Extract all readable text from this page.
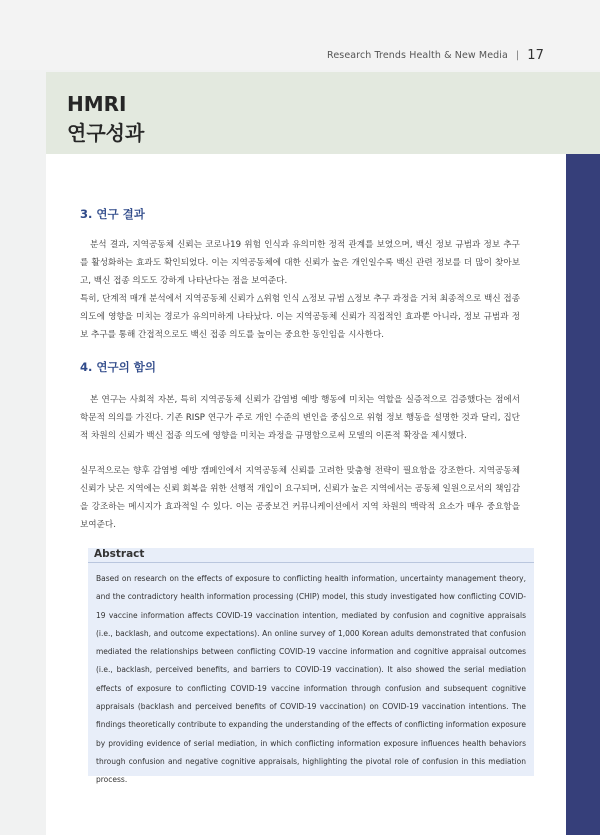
Research Trends Health & New Media | 17
HMRI
연구성과
3. 연구 결과

분석 결과, 지역공동체 신뢰는 코로나19 위험 인식과 유의미한 정적 관계를 보였으며, 백신 정보 규범과 정보 추구를 활성화하는 효과도 확인되었다. 이는 지역공동체에 대한 신뢰가 높은 개인일수록 백신 관련 정보를 더 많이 찾아보고, 백신 접종 의도도 강하게 나타난다는 점을 보여준다.

특히, 단계적 매개 분석에서 지역공동체 신뢰가 △위험 인식 △정보 규범 △정보 추구 과정을 거쳐 최종적으로 백신 접종 의도에 영향을 미치는 경로가 유의미하게 나타났다. 이는 지역공동체 신뢰가 직접적인 효과뿐 아니라, 정보 규범과 정보 추구를 통해 간접적으로도 백신 접종 의도를 높이는 중요한 동인임을 시사한다.

4. 연구의 함의

본 연구는 사회적 자본, 특히 지역공동체 신뢰가 감염병 예방 행동에 미치는 역할을 실증적으로 검증했다는 점에서 학문적 의의를 가진다. 기존 RISP 연구가 주로 개인 수준의 변인을 중심으로 위험 정보 행동을 설명한 것과 달리, 집단적 차원의 신뢰가 백신 접종 의도에 영향을 미치는 과정을 규명함으로써 모델의 이론적 확장을 제시했다.

실무적으로는 향후 감염병 예방 캠페인에서 지역공동체 신뢰를 고려한 맞춤형 전략이 필요함을 강조한다. 지역공동체 신뢰가 낮은 지역에는 신뢰 회복을 위한 선행적 개입이 요구되며, 신뢰가 높은 지역에서는 공동체 일원으로서의 책임감을 강조하는 메시지가 효과적일 수 있다. 이는 공중보건 커뮤니케이션에서 지역 차원의 맥락적 요소가 매우 중요함을 보여준다.

Abstract

Based on research on the effects of exposure to conflicting health information, uncertainty management theory, and the contradictory health information processing (CHIP) model, this study investigated how conflicting COVID-19 vaccine information affects COVID-19 vaccination intention, mediated by confusion and cognitive appraisals (i.e., backlash, and outcome expectations). An online survey of 1,000 Korean adults demonstrated that confusion mediated the relationships between conflicting COVID-19 vaccine information and cognitive appraisal outcomes (i.e., backlash, perceived benefits, and barriers to COVID-19 vaccination). It also showed the serial mediation effects of exposure to conflicting COVID-19 vaccine information through confusion and subsequent cognitive appraisals (backlash and perceived benefits of COVID-19 vaccination) on COVID-19 vaccination intentions. The findings theoretically contribute to expanding the understanding of the effects of conflicting information exposure by providing evidence of serial mediation, in which conflicting information exposure influences health behaviors through confusion and negative cognitive appraisals, highlighting the pivotal role of confusion in this mediation process.
